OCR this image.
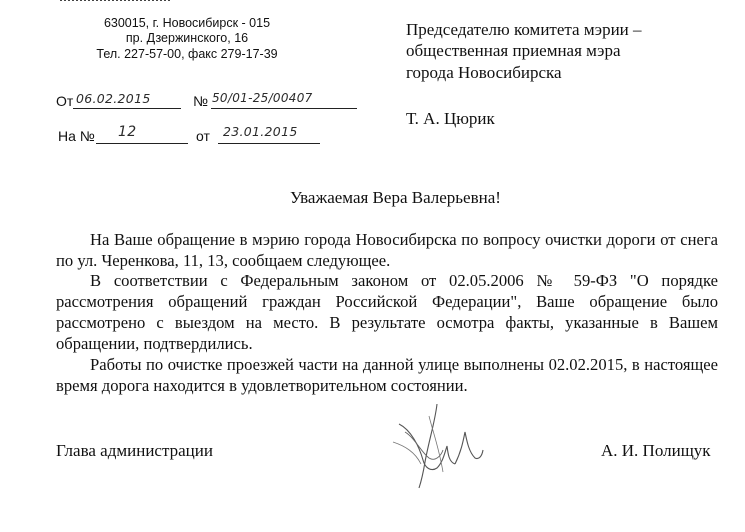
630015, г. Новосибирск - 015
пр. Дзержинского, 16
Тел. 227-57-00, факс 279-17-39
Председателю комитета мэрии –
общественная приемная мэра
города Новосибирска
Т. А. Цюрик
От 06.02.2015	№ 50/01-25/00407
На № 12	от 23.01.2015
Уважаемая Вера Валерьевна!

На Ваше обращение в мэрию города Новосибирска по вопросу очистки дороги от снега по ул. Черенкова, 11, 13, сообщаем следующее.

В соответствии с Федеральным законом от 02.05.2006 № 59-ФЗ "О порядке рассмотрения обращений граждан Российской Федерации", Ваше обращение было рассмотрено с выездом на место. В результате осмотра факты, указанные в Вашем обращении, подтвердились.

Работы по очистке проезжей части на данной улице выполнены 02.02.2015, в настоящее время дорога находится в удовлетворительном состоянии.

Глава администрации	А. И. Полищук
